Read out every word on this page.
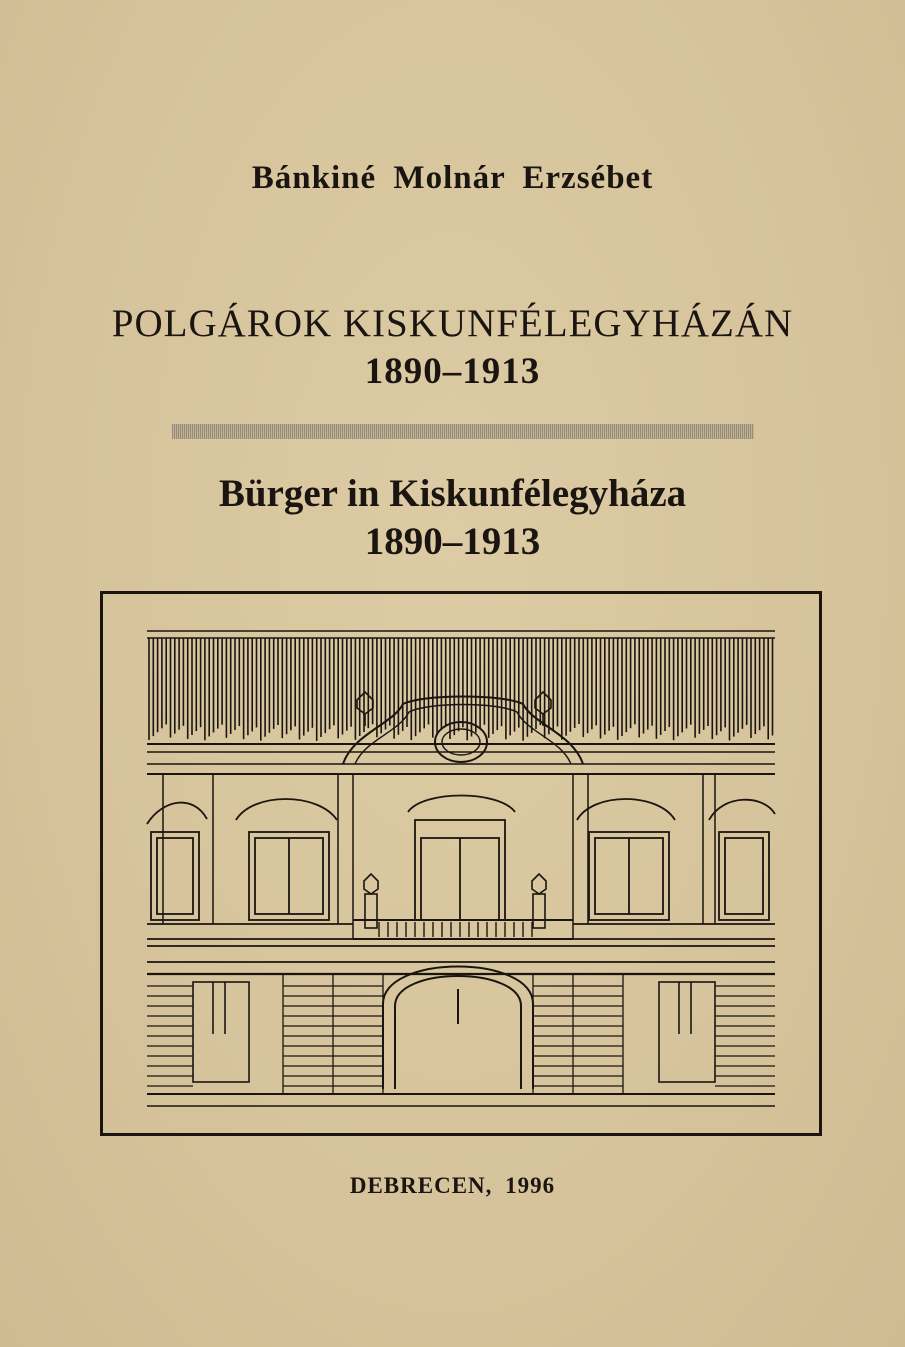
Bánkiné Molnár Erzsébet
POLGÁROK KISKUNFÉLEGYHÁZÁN
1890–1913
Bürger in Kiskunfélegyháza
1890–1913
DEBRECEN, 1996
